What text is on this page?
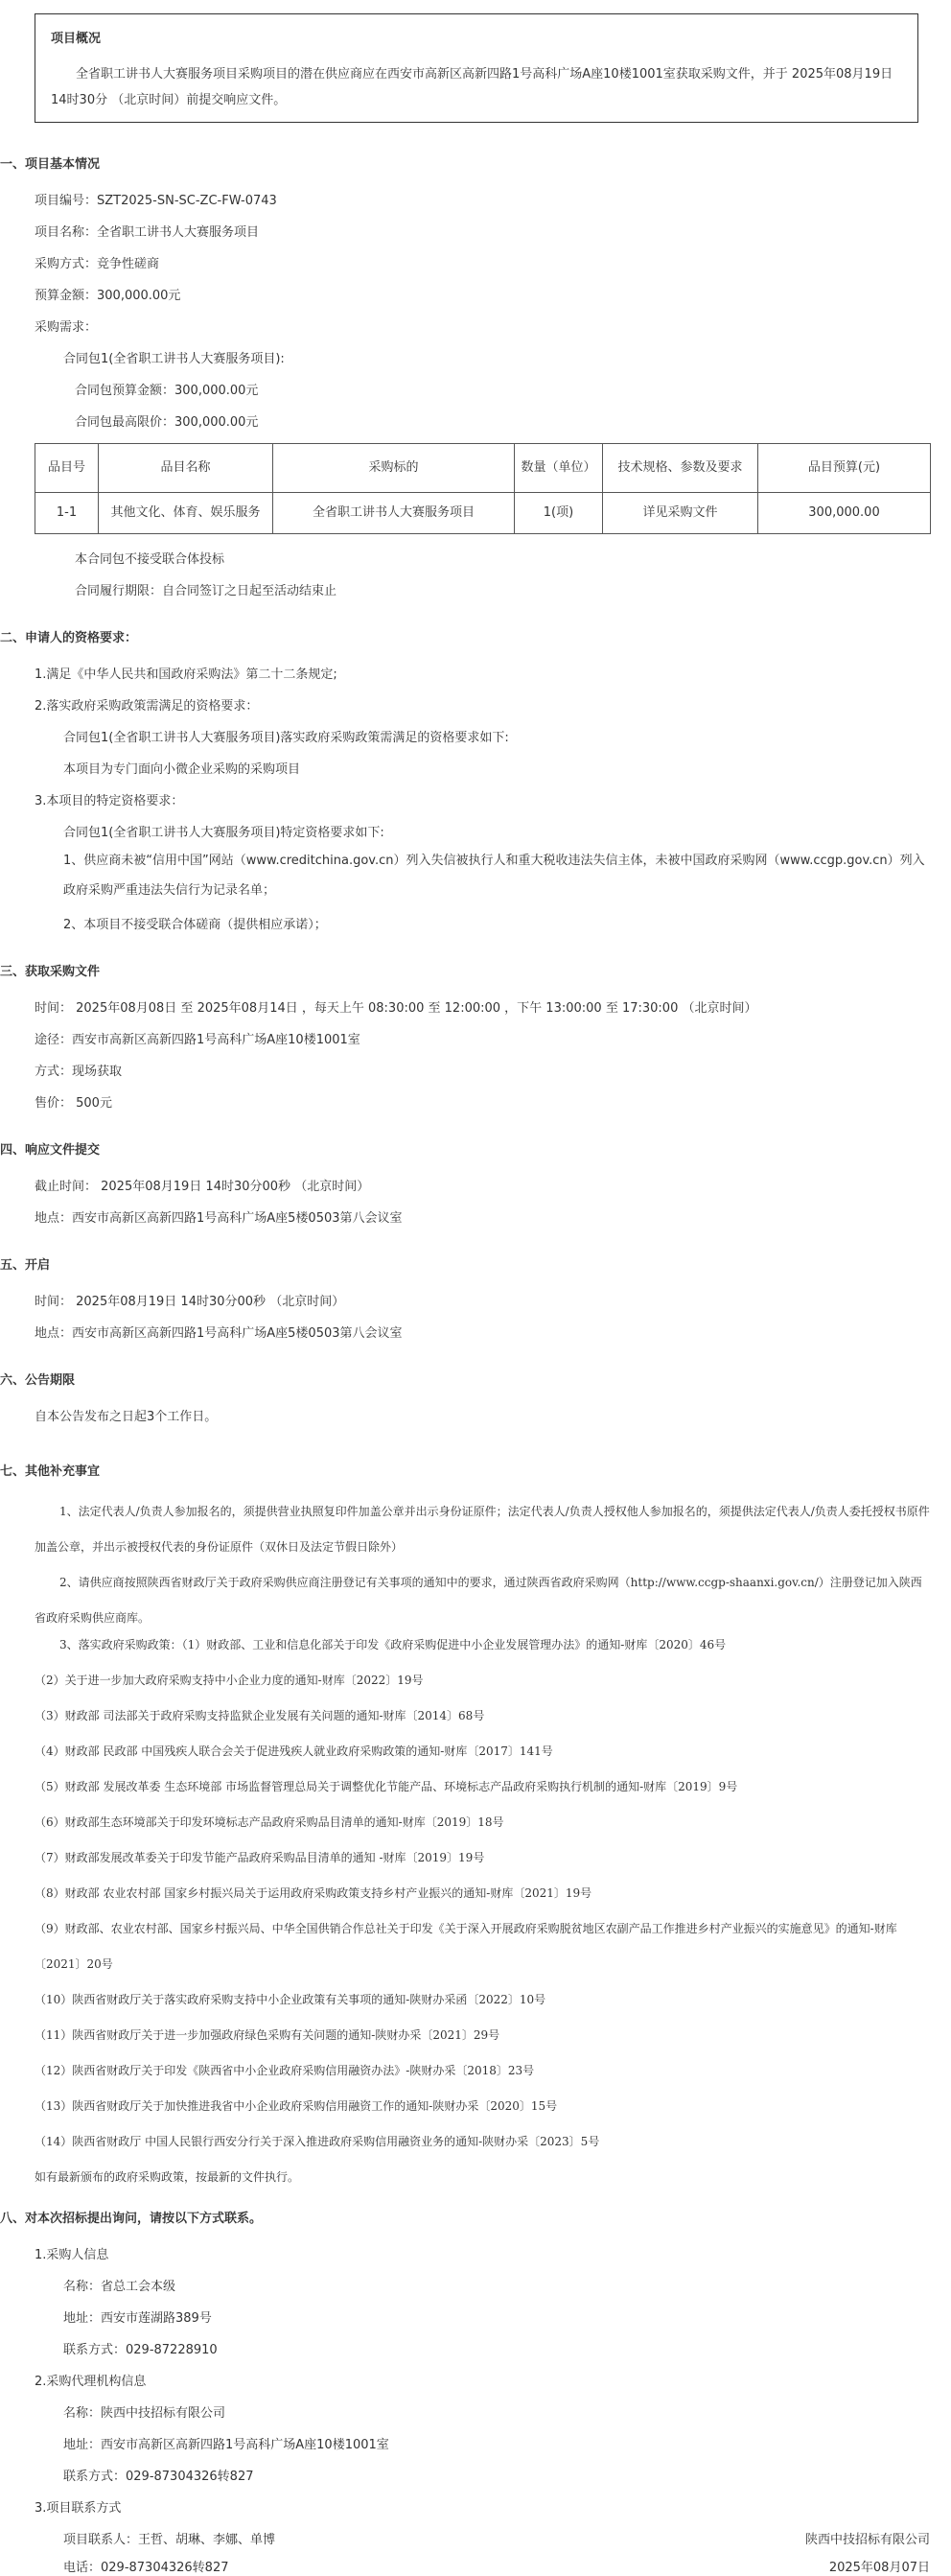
项目概况
全省职工讲书人大赛服务项目采购项目的潜在供应商应在西安市高新区高新四路1号高科广场A座10楼1001室获取采购文件，并于 2025年08月19日 14时30分 （北京时间）前提交响应文件。
一、项目基本情况
项目编号：SZT2025-SN-SC-ZC-FW-0743
项目名称：全省职工讲书人大赛服务项目
采购方式：竞争性磋商
预算金额：300,000.00元
采购需求：
合同包1(全省职工讲书人大赛服务项目):
合同包预算金额：300,000.00元
合同包最高限价：300,000.00元
品目号	品目名称	采购标的	数量（单位）	技术规格、参数及要求	品目预算(元)
1-1	其他文化、体育、娱乐服务	全省职工讲书人大赛服务项目	1(项)	详见采购文件	300,000.00
本合同包不接受联合体投标
合同履行期限：自合同签订之日起至活动结束止
二、申请人的资格要求：
1.满足《中华人民共和国政府采购法》第二十二条规定;
2.落实政府采购政策需满足的资格要求：
合同包1(全省职工讲书人大赛服务项目)落实政府采购政策需满足的资格要求如下:
本项目为专门面向小微企业采购的采购项目
3.本项目的特定资格要求：
合同包1(全省职工讲书人大赛服务项目)特定资格要求如下:
1、供应商未被“信用中国”网站（www.creditchina.gov.cn）列入失信被执行人和重大税收违法失信主体，未被中国政府采购网（www.ccgp.gov.cn）列入政府采购严重违法失信行为记录名单；
2、本项目不接受联合体磋商（提供相应承诺）；
三、获取采购文件
时间： 2025年08月08日 至 2025年08月14日 ，每天上午 08:30:00 至 12:00:00 ，下午 13:00:00 至 17:30:00 （北京时间）
途径：西安市高新区高新四路1号高科广场A座10楼1001室
方式：现场获取
售价： 500元
四、响应文件提交
截止时间： 2025年08月19日 14时30分00秒 （北京时间）
地点：西安市高新区高新四路1号高科广场A座5楼0503第八会议室
五、开启
时间： 2025年08月19日 14时30分00秒 （北京时间）
地点：西安市高新区高新四路1号高科广场A座5楼0503第八会议室
六、公告期限
自本公告发布之日起3个工作日。
七、其他补充事宜
1、法定代表人/负责人参加报名的，须提供营业执照复印件加盖公章并出示身份证原件；法定代表人/负责人授权他人参加报名的，须提供法定代表人/负责人委托授权书原件加盖公章，并出示被授权代表的身份证原件（双休日及法定节假日除外）
2、请供应商按照陕西省财政厅关于政府采购供应商注册登记有关事项的通知中的要求，通过陕西省政府采购网（http://www.ccgp-shaanxi.gov.cn/）注册登记加入陕西省政府采购供应商库。
3、落实政府采购政策：（1）财政部、工业和信息化部关于印发《政府采购促进中小企业发展管理办法》的通知-财库〔2020〕46号
（2）关于进一步加大政府采购支持中小企业力度的通知-财库〔2022〕19号
（3）财政部 司法部关于政府采购支持监狱企业发展有关问题的通知-财库〔2014〕68号
（4）财政部 民政部 中国残疾人联合会关于促进残疾人就业政府采购政策的通知-财库〔2017〕141号
（5）财政部 发展改革委 生态环境部 市场监督管理总局关于调整优化节能产品、环境标志产品政府采购执行机制的通知-财库〔2019〕9号
（6）财政部生态环境部关于印发环境标志产品政府采购品目清单的通知-财库〔2019〕18号
（7）财政部发展改革委关于印发节能产品政府采购品目清单的通知 -财库〔2019〕19号
（8）财政部 农业农村部 国家乡村振兴局关于运用政府采购政策支持乡村产业振兴的通知-财库〔2021〕19号
（9）财政部、农业农村部、国家乡村振兴局、中华全国供销合作总社关于印发《关于深入开展政府采购脱贫地区农副产品工作推进乡村产业振兴的实施意见》的通知-财库〔2021〕20号
（10）陕西省财政厅关于落实政府采购支持中小企业政策有关事项的通知-陕财办采函〔2022〕10号
（11）陕西省财政厅关于进一步加强政府绿色采购有关问题的通知-陕财办采〔2021〕29号
（12）陕西省财政厅关于印发《陕西省中小企业政府采购信用融资办法》-陕财办采〔2018〕23号
（13）陕西省财政厅关于加快推进我省中小企业政府采购信用融资工作的通知-陕财办采〔2020〕15号
（14）陕西省财政厅 中国人民银行西安分行关于深入推进政府采购信用融资业务的通知-陕财办采〔2023〕5号
如有最新颁布的政府采购政策，按最新的文件执行。
八、对本次招标提出询问，请按以下方式联系。
1.采购人信息
名称：省总工会本级
地址：西安市莲湖路389号
联系方式：029-87228910
2.采购代理机构信息
名称：陕西中技招标有限公司
地址：西安市高新区高新四路1号高科广场A座10楼1001室
联系方式：029-87304326转827
3.项目联系方式
项目联系人：王哲、胡琳、李娜、单博
电话：029-87304326转827
陕西中技招标有限公司
2025年08月07日
